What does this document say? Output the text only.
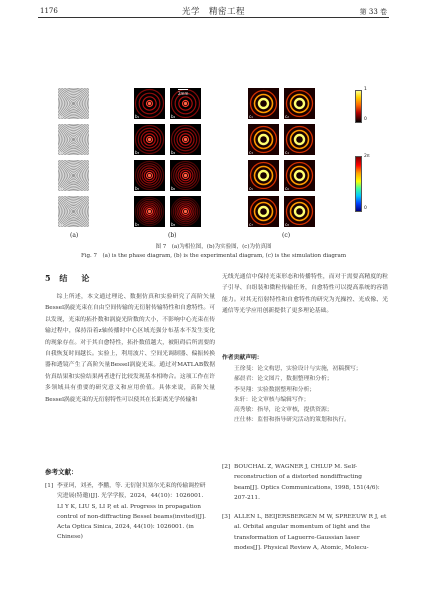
1176	光学　精密工程	第 33 卷
a₁	b₁	b₂
2mm
c₁	c₂
a₂	b₃	b₄	c₃	c₄
a₃	b₅	b₆	c₅	c₆
a₄	b₇	b₈	c₇	c₈
1
0
2π
0
(a)	(b)	(c)
图 7　(a)为相位图，(b)为实验图，(c)为仿真图
Fig. 7　(a) is the phase diagram, (b) is the experimental diagram, (c) is the simulation diagram
5 结　论

综上所述，本文通过理论、数据仿真和实验研究了高阶矢量Bessel涡旋光束在自由空间传输的无衍射传输特性和自愈特性。可以发现，光束的拓扑数和涡旋光阶数的大小，不影响中心光束在传输过程中，保持沿着z轴传播时中心区域光强分布基本不发生变化的现象存在。对于其自愈特性，拓扑数值越大，被阻碍后所需要的自我恢复时间越长。实验上，利用波片、空间光调制器、偏振转换器和透镜产生了高阶矢量Bessel涡旋光束。通过对MATLAB数据仿真结果和实验结果两者进行比较发现基本相吻合。这项工作在许多领域具有重要的研究意义和应用价值。具体来说，高阶矢量Bessel涡旋光束的无衍射特性可以使其在长距离光学传输和

无线光通信中保持光束形态和传播特性，而对于需要高精度的粒子引导、自组装和微粒传输任务，自愈特性可以提高系统的容错能力。对其无衍射特性和自愈特性的研究为光操控、光成像、光通信等光学应用创新提供了更多理论基础。

作者贡献声明：
王徐斐：论文构思，实验设计与实施，初稿撰写；
郝晨君：论文图片，数据整理和分析；
李昊翔：实验数据整理和分析；
朱轩：论文审核与编辑写作；
高秀敏：指导，论文审核，提供资源；
庄仕林：监督和指导研究活动的策划和执行。
参考文献：
[1] 李亚珂，刘圣，李鹏，等. 无衍射贝塞尔光束的传输调控研究进展(特邀)[J]. 光学学报，2024，44(10)：1026001.
LI Y K, LIU S, LI P, et al. Progress in propagation control of non-diffracting Bessel beams(invited)[J]. Acta Optica Sinica, 2024, 44(10): 1026001. (in Chinese)
[2] BOUCHAL Z, WAGNER J, CHLUP M. Self-reconstruction of a distorted nondiffracting beam[J]. Optics Communications, 1998, 151(4/6): 207-211.
[3] ALLEN L, BEIJERSBERGEN M W, SPREEUW R J, et al. Orbital angular momentum of light and the transformation of Laguerre-Gaussian laser modes[J]. Physical Review A, Atomic, Molecu-
